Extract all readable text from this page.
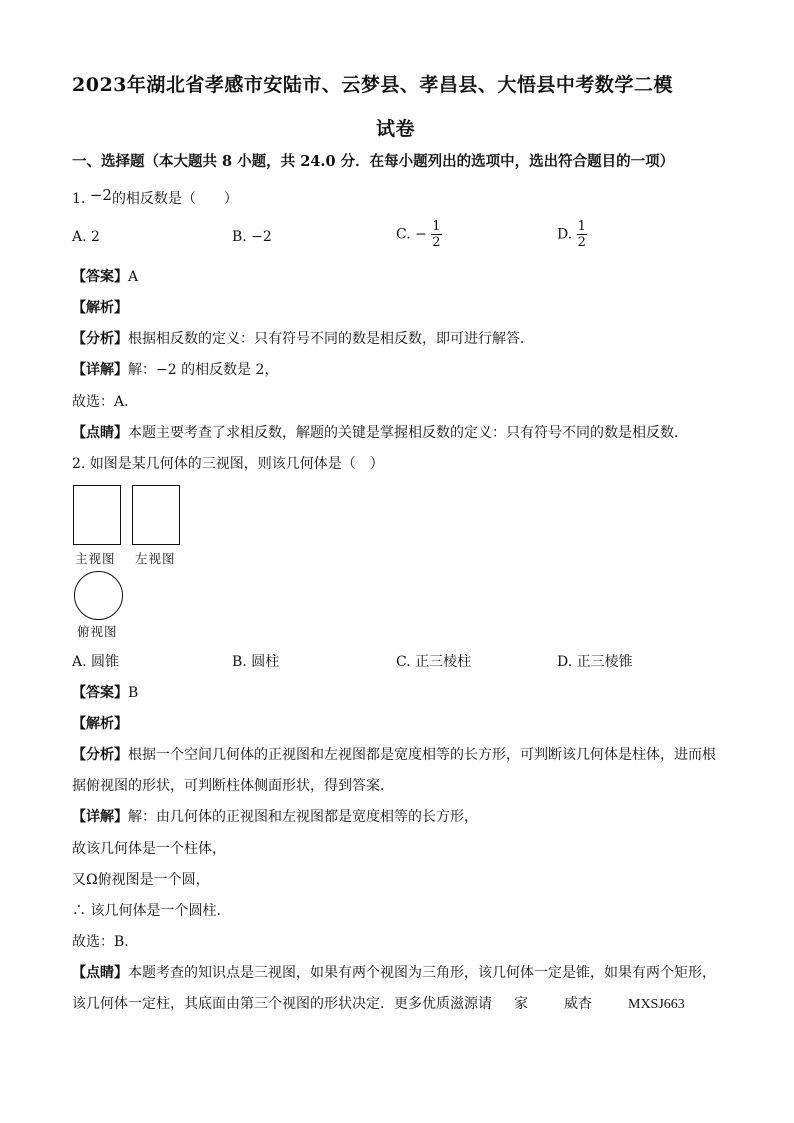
2023年湖北省孝感市安陆市、云梦县、孝昌县、大悟县中考数学二模
试卷
一、选择题（本大题共 8 小题，共 24.0 分．在每小题列出的选项中，选出符合题目的一项）
1. −2的相反数是（　　）
A. 2	B. −2	C. − $\frac{1}{2}$	D. $\frac{1}{2}$
【答案】A
【解析】
【分析】根据相反数的定义：只有符号不同的数是相反数，即可进行解答．
【详解】解：−2 的相反数是 2，
故选：A．
【点睛】本题主要考查了求相反数，解题的关键是掌握相反数的定义：只有符号不同的数是相反数．
2. 如图是某几何体的三视图，则该几何体是（　）
主视图 左视图
俯视图
A. 圆锥	B. 圆柱	C. 正三棱柱	D. 正三棱锥
【答案】B
【解析】
【分析】根据一个空间几何体的正视图和左视图都是宽度相等的长方形，可判断该几何体是柱体，进而根
据俯视图的形状，可判断柱体侧面形状，得到答案．
【详解】解：由几何体的正视图和左视图都是宽度相等的长方形，
故该几何体是一个柱体，
又Ω俯视图是一个圆，
∴ 该几何体是一个圆柱．
故选：B．
【点睛】本题考查的知识点是三视图，如果有两个视图为三角形，该几何体一定是锥，如果有两个矩形，
该几何体一定柱，其底面由第三个视图的形状决定．更多优质滋源请 家	威杏	MXSJ663
